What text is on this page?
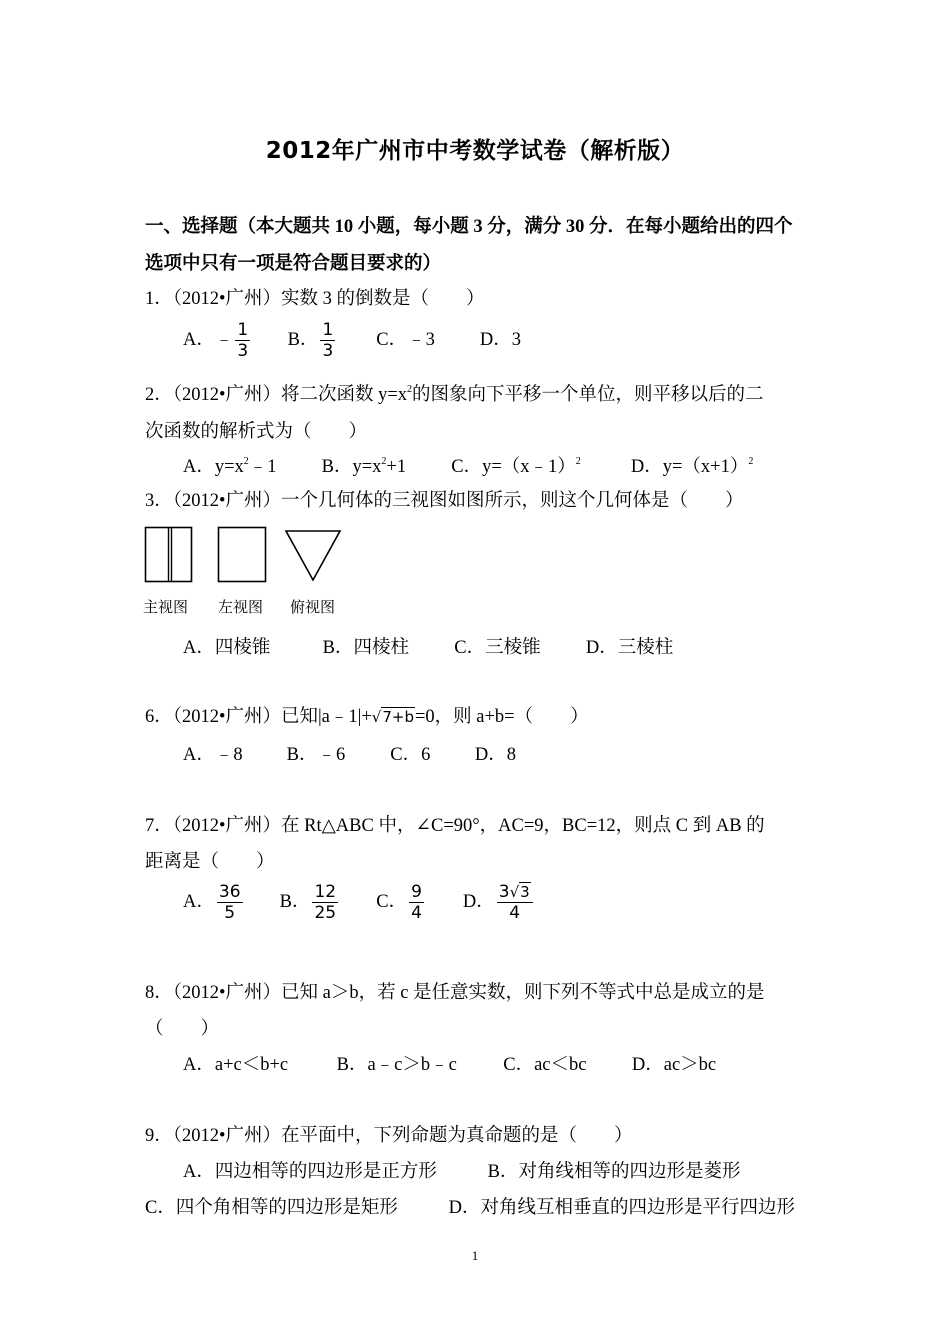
2012年广州市中考数学试卷（解析版）
一、选择题（本大题共 10 小题，每小题 3 分，满分 30 分．在每小题给出的四个
选项中只有一项是符合题目要求的）
1．（2012•广州）实数 3 的倒数是（　　）
A．﹣ $\frac{1}{3}$ B． $\frac{1}{3}$ C．﹣3 D．3
2．（2012•广州）将二次函数 $y=x^2$的图象向下平移一个单位，则平移以后的二
次函数的解析式为（　　）
A．$y=x^2﹣1$ B．$y=x^2+1$ C．y=（x﹣1）$^2$	D．$y=(x+1)^2$
3．（2012•广州）一个几何体的三视图如图所示，则这个几何体是（　　）
主视图 左视图 俯视图
A．四棱锥	B．四棱柱 C．三棱锥 D．三棱柱
6．（2012•广州）已知|a﹣1|+√7+b=0，则 a+b=（　　）
A．﹣8 B．﹣6 C．6 D．8
7．（2012•广州）在 Rt△ABC 中，∠C=90°，AC=9，BC=12，则点 C 到 AB 的
距离是（　　）
A． $\frac{36}{5}$ B． $\frac{12}{25}$ C． $\frac{9}{4}$ D． $\frac{3√3}{4}$
8．（2012•广州）已知 a＞b，若 c 是任意实数，则下列不等式中总是成立的是
（　　）
A．a+c＜b+c	B．a﹣c＞b﹣c	C．ac＜bc D．ac＞bc
9．（2012•广州）在平面中，下列命题为真命题的是（　　）
A．四边相等的四边形是正方形	B．对角线相等的四边形是菱形
C．四个角相等的四边形是矩形	D．对角线互相垂直的四边形是平行四边形
1
